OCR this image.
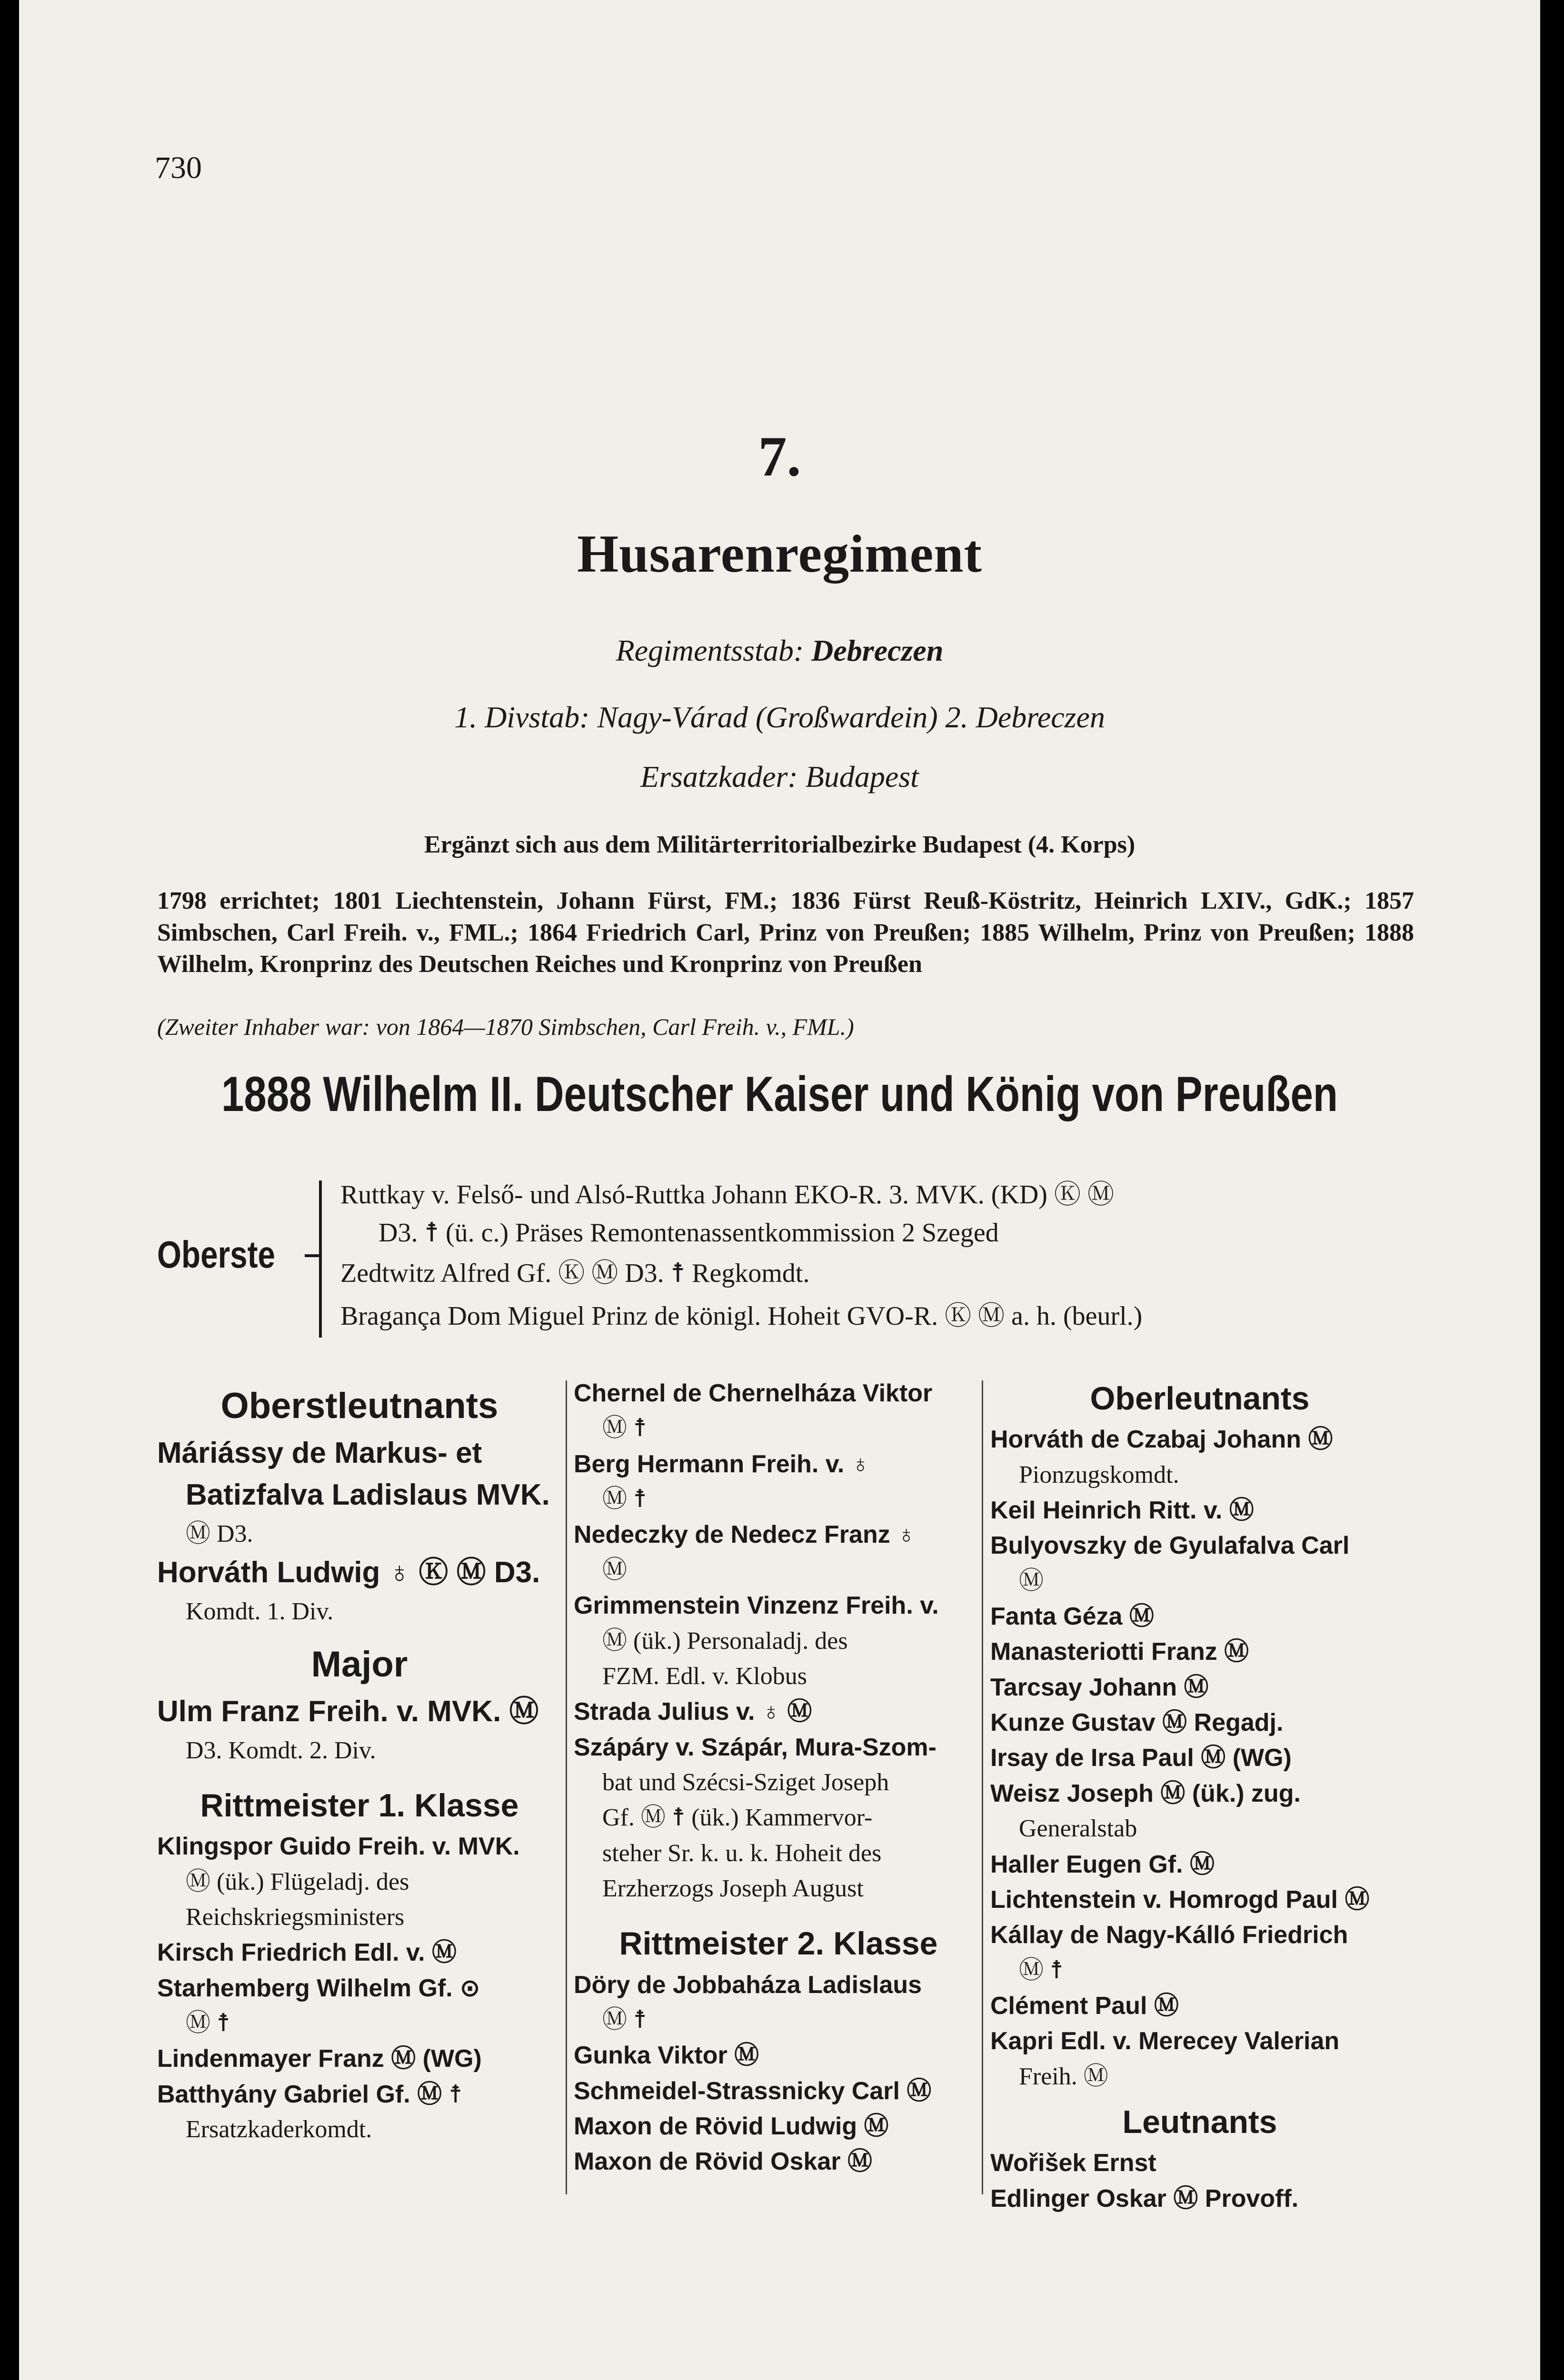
730
7.
Husarenregiment
Regimentsstab: Debreczen
1. Divstab: Nagy-Várad (Großwardein) 2. Debreczen
Ersatzkader: Budapest
Ergänzt sich aus dem Militärterritorialbezirke Budapest (4. Korps)
1798 errichtet; 1801 Liechtenstein, Johann Fürst, FM.; 1836 Fürst Reuß-Köstritz, Heinrich LXIV., GdK.; 1857 Simbschen, Carl Freih. v., FML.; 1864 Friedrich Carl, Prinz von Preußen; 1885 Wilhelm, Prinz von Preußen; 1888 Wilhelm, Kronprinz des Deutschen Reiches und Kronprinz von Preußen
(Zweiter Inhaber war: von 1864—1870 Simbschen, Carl Freih. v., FML.)
1888 Wilhelm II. Deutscher Kaiser und König von Preußen
Oberste
Ruttkay v. Felső- und Alsó-Ruttka Johann EKO-R. 3. MVK. (KD) Ⓚ Ⓜ
D3. ☨ (ü. c.) Präses Remontenassentkommission 2 Szeged
Zedtwitz Alfred Gf. Ⓚ Ⓜ D3. ☨ Regkomdt.
Bragança Dom Miguel Prinz de königl. Hoheit GVO-R. Ⓚ Ⓜ a. h. (beurl.)
Oberstleutnants
Máriássy de Markus- et
Batizfalva Ladislaus MVK.
Ⓜ D3.
Horváth Ludwig ♁ Ⓚ Ⓜ D3.
Komdt. 1. Div.
Major
Ulm Franz Freih. v. MVK. Ⓜ
D3. Komdt. 2. Div.
Rittmeister 1. Klasse
Klingspor Guido Freih. v. MVK.
Ⓜ (ük.) Flügeladj. des
Reichskriegsministers
Kirsch Friedrich Edl. v. Ⓜ
Starhemberg Wilhelm Gf. ⊙
Ⓜ ☨
Lindenmayer Franz Ⓜ (WG)
Batthyány Gabriel Gf. Ⓜ ☨
Ersatzkaderkomdt.
Chernel de Chernelháza Viktor
Ⓜ ☨
Berg Hermann Freih. v. ♁
Ⓜ ☨
Nedeczky de Nedecz Franz ♁
Ⓜ
Grimmenstein Vinzenz Freih. v.
Ⓜ (ük.) Personaladj. des
FZM. Edl. v. Klobus
Strada Julius v. ♁ Ⓜ
Szápáry v. Szápár, Mura-Szom-
bat und Szécsi-Sziget Joseph
Gf. Ⓜ ☨ (ük.) Kammervor-
steher Sr. k. u. k. Hoheit des
Erzherzogs Joseph August
Rittmeister 2. Klasse
Döry de Jobbaháza Ladislaus
Ⓜ ☨
Gunka Viktor Ⓜ
Schmeidel-Strassnicky Carl Ⓜ
Maxon de Rövid Ludwig Ⓜ
Maxon de Rövid Oskar Ⓜ
Oberleutnants
Horváth de Czabaj Johann Ⓜ
Pionzugskomdt.
Keil Heinrich Ritt. v. Ⓜ
Bulyovszky de Gyulafalva Carl
Ⓜ
Fanta Géza Ⓜ
Manasteriotti Franz Ⓜ
Tarcsay Johann Ⓜ
Kunze Gustav Ⓜ Regadj.
Irsay de Irsa Paul Ⓜ (WG)
Weisz Joseph Ⓜ (ük.) zug.
Generalstab
Haller Eugen Gf. Ⓜ
Lichtenstein v. Homrogd Paul Ⓜ
Kállay de Nagy-Kálló Friedrich
Ⓜ ☨
Clément Paul Ⓜ
Kapri Edl. v. Merecey Valerian
Freih. Ⓜ
Leutnants
Wořišek Ernst
Edlinger Oskar Ⓜ Provoff.
